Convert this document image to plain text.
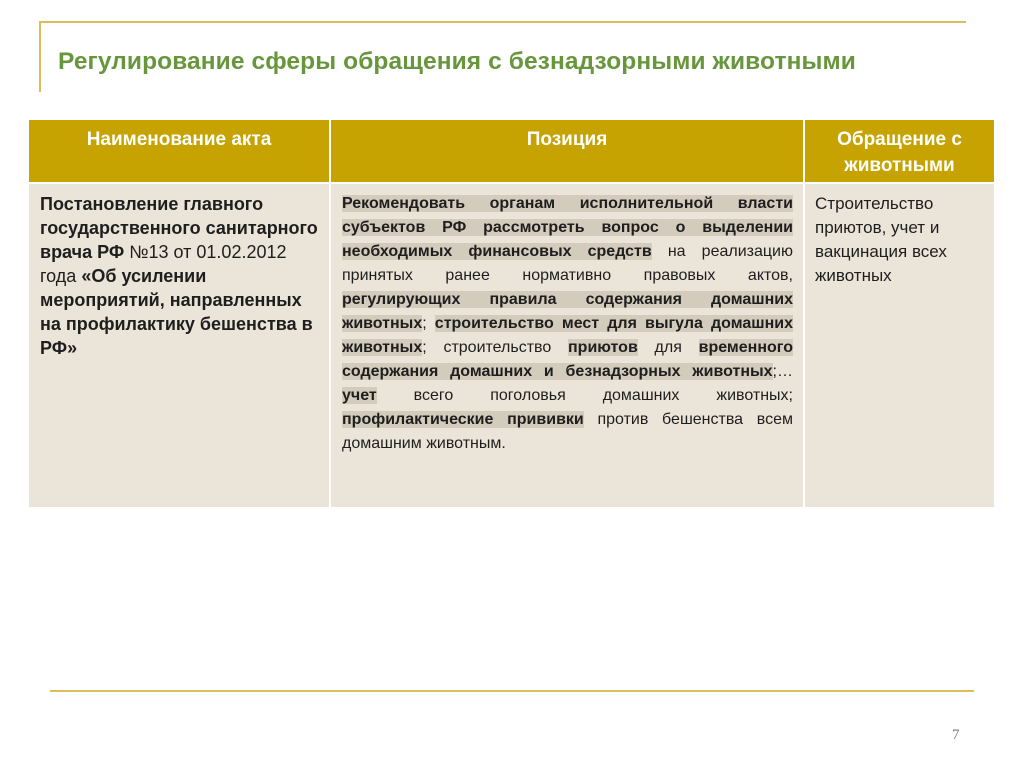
Регулирование сферы обращения с безнадзорными животными
Наименование акта	Позиция	Обращение с животными
Постановление главного государственного санитарного врача РФ №13 от 01.02.2012 года «Об усилении мероприятий, направленных на профилактику бешенства в РФ»
Рекомендовать органам исполнительной власти субъектов РФ рассмотреть вопрос о выделении необходимых финансовых средств на реализацию принятых ранее нормативно правовых актов, регулирующих правила содержания домашних животных; строительство мест для выгула домашних животных; строительство приютов для временного содержания домашних и безнадзорных животных;…учет всего поголовья домашних животных; профилактические прививки против бешенства всем домашним животным.
Строительство приютов, учет и вакцинация всех животных
7
